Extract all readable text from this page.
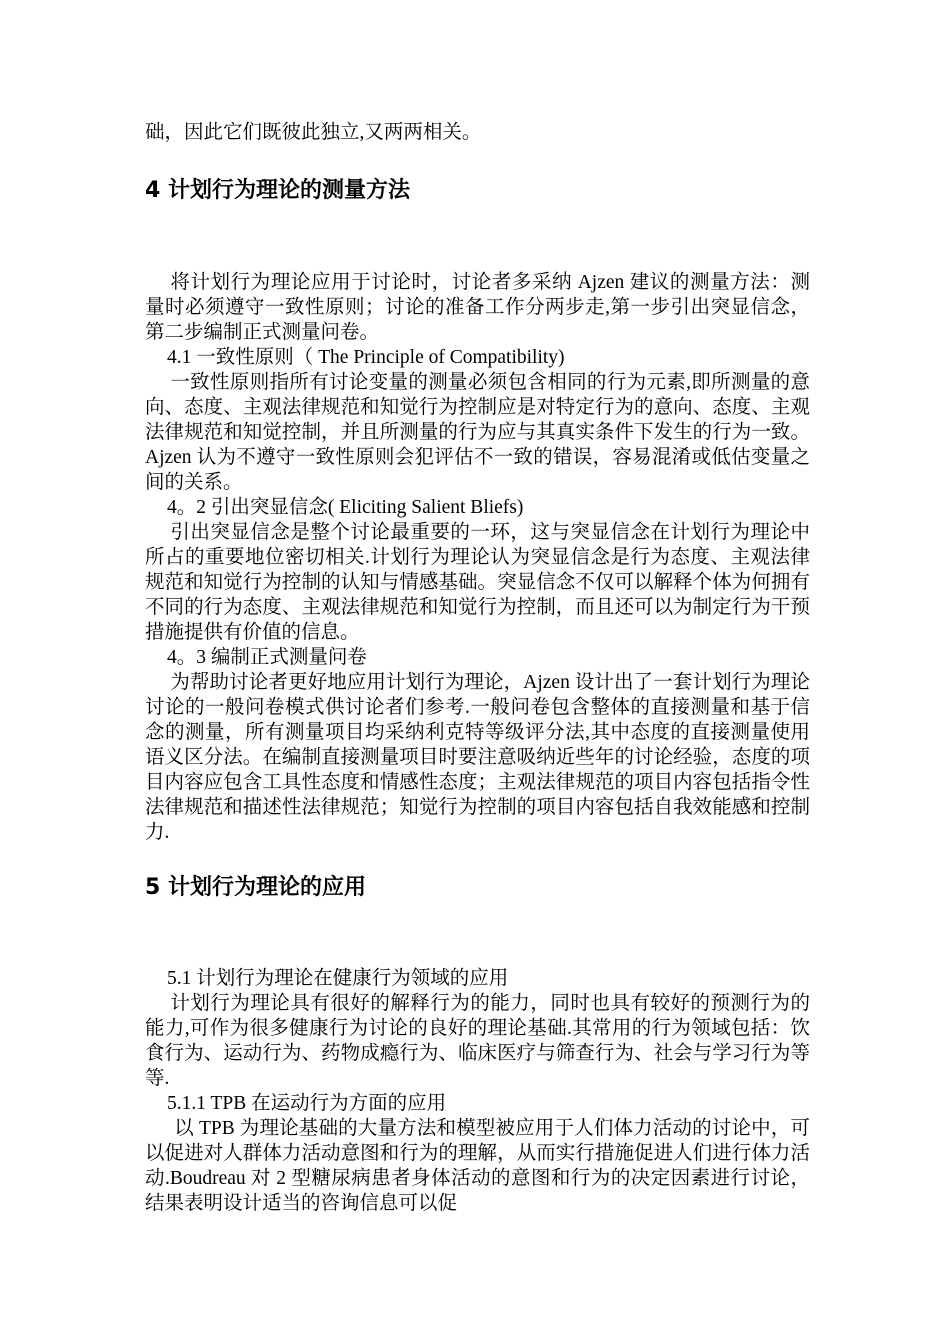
础，因此它们既彼此独立,又两两相关。

4 计划行为理论的测量方法

将计划行为理论应用于讨论时，讨论者多采纳 Ajzen 建议的测量方法：测量时必须遵守一致性原则；讨论的准备工作分两步走,第一步引出突显信念，第二步编制正式测量问卷。

4.1 一致性原则（ The Principle of Compatibility)

一致性原则指所有讨论变量的测量必须包含相同的行为元素,即所测量的意向、态度、主观法律规范和知觉行为控制应是对特定行为的意向、态度、主观法律规范和知觉控制，并且所测量的行为应与其真实条件下发生的行为一致。Ajzen 认为不遵守一致性原则会犯评估不一致的错误，容易混淆或低估变量之间的关系。

4。2 引出突显信念( Eliciting Salient Bliefs)

引出突显信念是整个讨论最重要的一环，这与突显信念在计划行为理论中所占的重要地位密切相关.计划行为理论认为突显信念是行为态度、主观法律规范和知觉行为控制的认知与情感基础。突显信念不仅可以解释个体为何拥有不同的行为态度、主观法律规范和知觉行为控制，而且还可以为制定行为干预措施提供有价值的信息。

4。3 编制正式测量问卷

为帮助讨论者更好地应用计划行为理论，Ajzen 设计出了一套计划行为理论讨论的一般问卷模式供讨论者们参考.一般问卷包含整体的直接测量和基于信念的测量，所有测量项目均采纳利克特等级评分法,其中态度的直接测量使用语义区分法。在编制直接测量项目时要注意吸纳近些年的讨论经验，态度的项目内容应包含工具性态度和情感性态度；主观法律规范的项目内容包括指令性法律规范和描述性法律规范；知觉行为控制的项目内容包括自我效能感和控制力.

5 计划行为理论的应用

5.1 计划行为理论在健康行为领域的应用

计划行为理论具有很好的解释行为的能力，同时也具有较好的预测行为的能力,可作为很多健康行为讨论的良好的理论基础.其常用的行为领域包括：饮食行为、运动行为、药物成瘾行为、临床医疗与筛查行为、社会与学习行为等等.

5.1.1 TPB 在运动行为方面的应用

以 TPB 为理论基础的大量方法和模型被应用于人们体力活动的讨论中，可以促进对人群体力活动意图和行为的理解，从而实行措施促进人们进行体力活动.Boudreau 对 2 型糖尿病患者身体活动的意图和行为的决定因素进行讨论，结果表明设计适当的咨询信息可以促
